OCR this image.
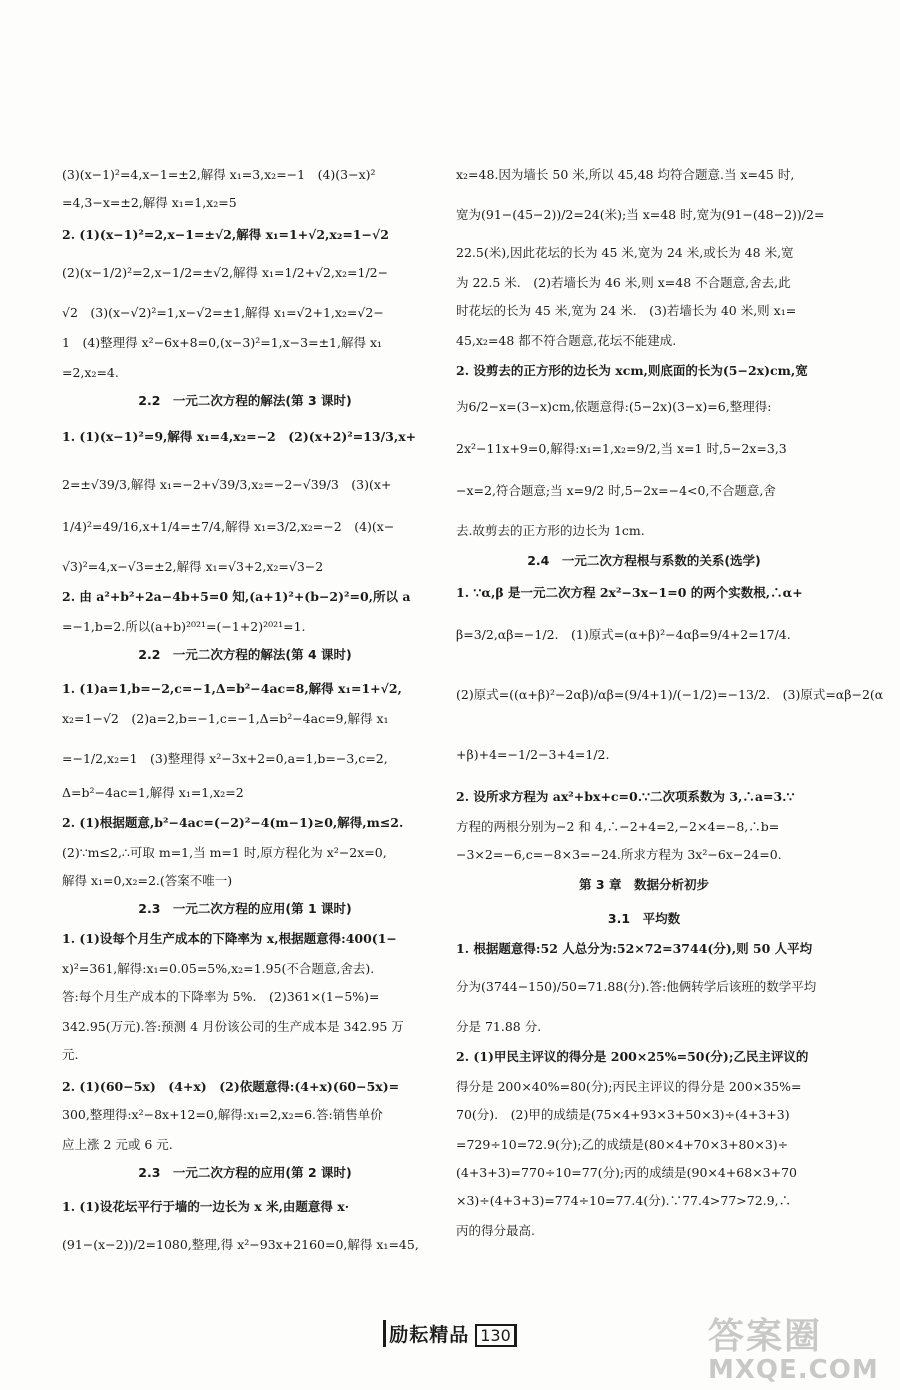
(3)(x−1)²=4,x−1=±2,解得 x₁=3,x₂=−1　(4)(3−x)²

=4,3−x=±2,解得 x₁=1,x₂=5

2. (1)(x−1)²=2,x−1=±√2,解得 x₁=1+√2,x₂=1−√2

(2)(x−1/2)²=2,x−1/2=±√2,解得 x₁=1/2+√2,x₂=1/2−

√2　(3)(x−√2)²=1,x−√2=±1,解得 x₁=√2+1,x₂=√2−

1　(4)整理得 x²−6x+8=0,(x−3)²=1,x−3=±1,解得 x₁

=2,x₂=4.

2.2　一元二次方程的解法(第 3 课时)

1. (1)(x−1)²=9,解得 x₁=4,x₂=−2　(2)(x+2)²=13/3,x+

2=±√39/3,解得 x₁=−2+√39/3,x₂=−2−√39/3　(3)(x+

1/4)²=49/16,x+1/4=±7/4,解得 x₁=3/2,x₂=−2　(4)(x−

√3)²=4,x−√3=±2,解得 x₁=√3+2,x₂=√3−2

2. 由 a²+b²+2a−4b+5=0 知,(a+1)²+(b−2)²=0,所以 a

=−1,b=2.所以(a+b)²⁰²¹=(−1+2)²⁰²¹=1.

2.2　一元二次方程的解法(第 4 课时)

1. (1)a=1,b=−2,c=−1,Δ=b²−4ac=8,解得 x₁=1+√2,

x₂=1−√2　(2)a=2,b=−1,c=−1,Δ=b²−4ac=9,解得 x₁

=−1/2,x₂=1　(3)整理得 x²−3x+2=0,a=1,b=−3,c=2,

Δ=b²−4ac=1,解得 x₁=1,x₂=2

2. (1)根据题意,b²−4ac=(−2)²−4(m−1)≥0,解得,m≤2.

(2)∵m≤2,∴可取 m=1,当 m=1 时,原方程化为 x²−2x=0,

解得 x₁=0,x₂=2.(答案不唯一)

2.3　一元二次方程的应用(第 1 课时)

1. (1)设每个月生产成本的下降率为 x,根据题意得:400(1−

x)²=361,解得:x₁=0.05=5%,x₂=1.95(不合题意,舍去).

答:每个月生产成本的下降率为 5%.　(2)361×(1−5%)=

342.95(万元).答:预测 4 月份该公司的生产成本是 342.95 万

元.

2. (1)(60−5x)　(4+x)　(2)依题意得:(4+x)(60−5x)=

300,整理得:x²−8x+12=0,解得:x₁=2,x₂=6.答:销售单价

应上涨 2 元或 6 元.

2.3　一元二次方程的应用(第 2 课时)

1. (1)设花坛平行于墙的一边长为 x 米,由题意得 x·

(91−(x−2))/2=1080,整理,得 x²−93x+2160=0,解得 x₁=45,

x₂=48.因为墙长 50 米,所以 45,48 均符合题意.当 x=45 时,

宽为(91−(45−2))/2=24(米);当 x=48 时,宽为(91−(48−2))/2=

22.5(米),因此花坛的长为 45 米,宽为 24 米,或长为 48 米,宽

为 22.5 米.　(2)若墙长为 46 米,则 x=48 不合题意,舍去,此

时花坛的长为 45 米,宽为 24 米.　(3)若墙长为 40 米,则 x₁=

45,x₂=48 都不符合题意,花坛不能建成.

2. 设剪去的正方形的边长为 xcm,则底面的长为(5−2x)cm,宽

为6/2−x=(3−x)cm,依题意得:(5−2x)(3−x)=6,整理得:

2x²−11x+9=0,解得:x₁=1,x₂=9/2,当 x=1 时,5−2x=3,3

−x=2,符合题意;当 x=9/2 时,5−2x=−4<0,不合题意,舍

去.故剪去的正方形的边长为 1cm.

2.4　一元二次方程根与系数的关系(选学)

1. ∵α,β 是一元二次方程 2x²−3x−1=0 的两个实数根,∴α+

β=3/2,αβ=−1/2.　(1)原式=(α+β)²−4αβ=9/4+2=17/4.

(2)原式=((α+β)²−2αβ)/αβ=(9/4+1)/(−1/2)=−13/2.　(3)原式=αβ−2(α

+β)+4=−1/2−3+4=1/2.

2. 设所求方程为 ax²+bx+c=0.∵二次项系数为 3,∴a=3.∵

方程的两根分别为−2 和 4,∴−2+4=2,−2×4=−8,∴b=

−3×2=−6,c=−8×3=−24.所求方程为 3x²−6x−24=0.

第 3 章　数据分析初步

3.1　平均数

1. 根据题意得:52 人总分为:52×72=3744(分),则 50 人平均

分为(3744−150)/50=71.88(分).答:他俩转学后该班的数学平均

分是 71.88 分.

2. (1)甲民主评议的得分是 200×25%=50(分);乙民主评议的

得分是 200×40%=80(分);丙民主评议的得分是 200×35%=

70(分).　(2)甲的成绩是(75×4+93×3+50×3)÷(4+3+3)

=729÷10=72.9(分);乙的成绩是(80×4+70×3+80×3)÷

(4+3+3)=770÷10=77(分);丙的成绩是(90×4+68×3+70

×3)÷(4+3+3)=774÷10=77.4(分).∵77.4>77>72.9,∴

丙的得分最高.

励耘精品 130	答案圈
MXQE.COM
